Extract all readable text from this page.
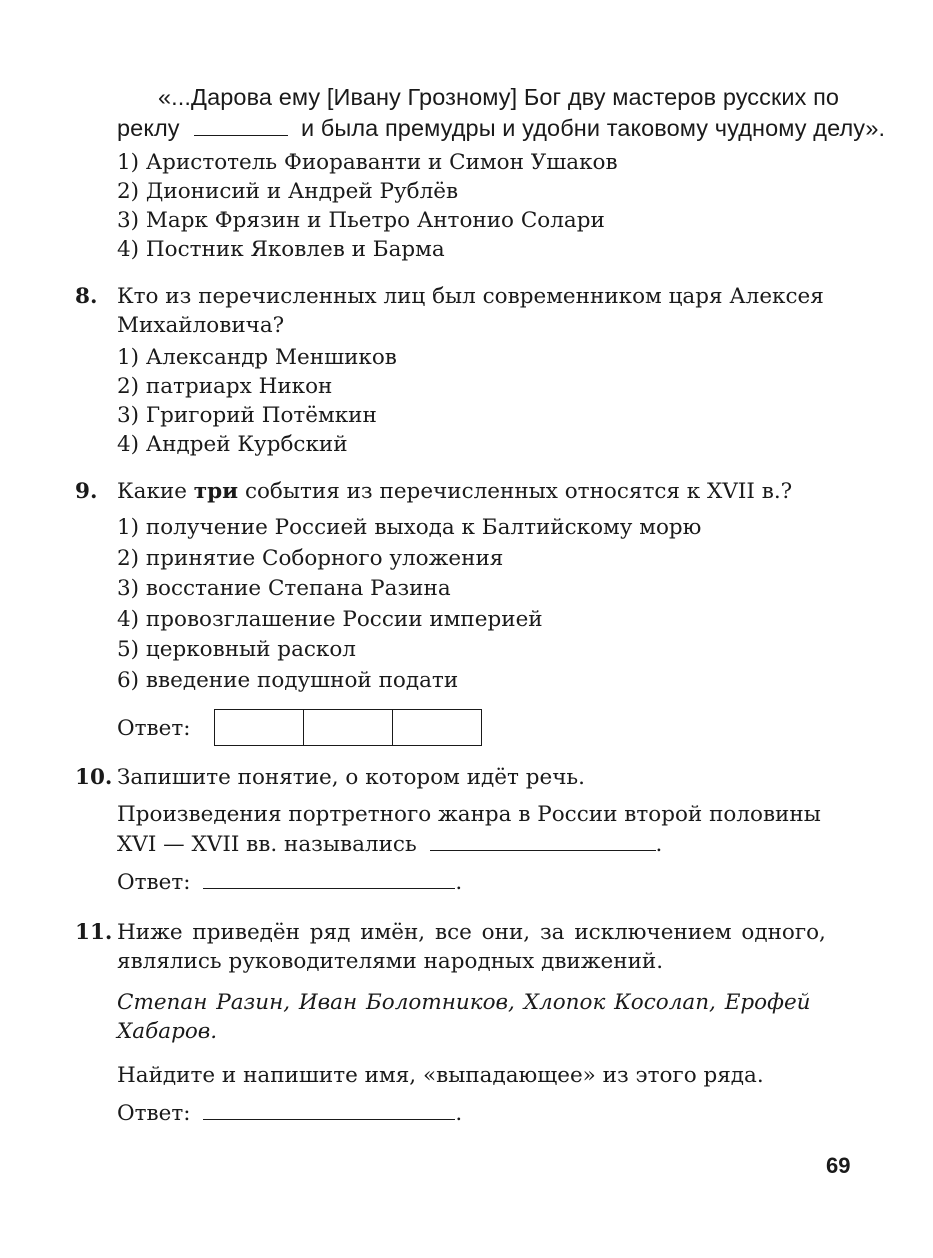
«...Дарова ему [Ивану Грозному] Бог дву мастеров русских по
реклу	и была премудры и удобни таковому чудному делу».
1) Аристотель Фиораванти и Симон Ушаков
2) Дионисий и Андрей Рублёв
3) Марк Фрязин и Пьетро Антонио Солари
4) Постник Яковлев и Барма
8. Кто из перечисленных лиц был современником царя Алексея
Михайловича?
1) Александр Меншиков
2) патриарх Никон
3) Григорий Потёмкин
4) Андрей Курбский
9. Какие три события из перечисленных относятся к XVII в.?
1) получение Россией выхода к Балтийскому морю
2) принятие Соборного уложения
3) восстание Степана Разина
4) провозглашение России империей
5) церковный раскол
6) введение подушной подати
Ответ:
10. Запишите понятие, о котором идёт речь.
Произведения портретного жанра в России второй половины
XVI — XVII вв. назывались	.
Ответ:	.
11. Ниже приведён ряд имён, все они, за исключением одного,
являлись руководителями народных движений.
Степан Разин, Иван Болотников, Хлопок Косолап, Ерофей
Хабаров.
Найдите и напишите имя, «выпадающее» из этого ряда.
Ответ:	.
69
